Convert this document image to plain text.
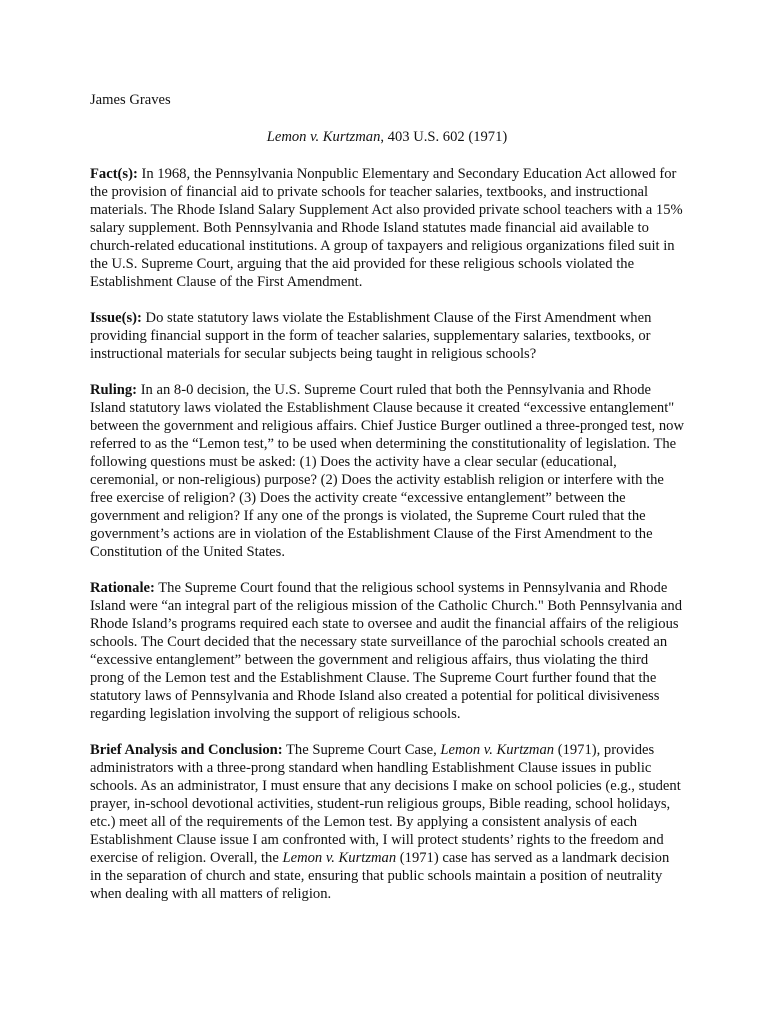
James Graves

Lemon v. Kurtzman, 403 U.S. 602 (1971)

Fact(s): In 1968, the Pennsylvania Nonpublic Elementary and Secondary Education Act allowed for the provision of financial aid to private schools for teacher salaries, textbooks, and instructional materials. The Rhode Island Salary Supplement Act also provided private school teachers with a 15% salary supplement. Both Pennsylvania and Rhode Island statutes made financial aid available to church-related educational institutions. A group of taxpayers and religious organizations filed suit in the U.S. Supreme Court, arguing that the aid provided for these religious schools violated the Establishment Clause of the First Amendment.

Issue(s): Do state statutory laws violate the Establishment Clause of the First Amendment when providing financial support in the form of teacher salaries, supplementary salaries, textbooks, or instructional materials for secular subjects being taught in religious schools?

Ruling: In an 8-0 decision, the U.S. Supreme Court ruled that both the Pennsylvania and Rhode Island statutory laws violated the Establishment Clause because it created “excessive entanglement" between the government and religious affairs. Chief Justice Burger outlined a three-pronged test, now referred to as the “Lemon test,” to be used when determining the constitutionality of legislation. The following questions must be asked: (1) Does the activity have a clear secular (educational, ceremonial, or non-religious) purpose? (2) Does the activity establish religion or interfere with the free exercise of religion? (3) Does the activity create “excessive entanglement” between the government and religion? If any one of the prongs is violated, the Supreme Court ruled that the government’s actions are in violation of the Establishment Clause of the First Amendment to the Constitution of the United States.

Rationale: The Supreme Court found that the religious school systems in Pennsylvania and Rhode Island were “an integral part of the religious mission of the Catholic Church." Both Pennsylvania and Rhode Island’s programs required each state to oversee and audit the financial affairs of the religious schools. The Court decided that the necessary state surveillance of the parochial schools created an “excessive entanglement” between the government and religious affairs, thus violating the third prong of the Lemon test and the Establishment Clause. The Supreme Court further found that the statutory laws of Pennsylvania and Rhode Island also created a potential for political divisiveness regarding legislation involving the support of religious schools.

Brief Analysis and Conclusion: The Supreme Court Case, Lemon v. Kurtzman (1971), provides administrators with a three-prong standard when handling Establishment Clause issues in public schools. As an administrator, I must ensure that any decisions I make on school policies (e.g., student prayer, in-school devotional activities, student-run religious groups, Bible reading, school holidays, etc.) meet all of the requirements of the Lemon test. By applying a consistent analysis of each Establishment Clause issue I am confronted with, I will protect students’ rights to the freedom and exercise of religion. Overall, the Lemon v. Kurtzman (1971) case has served as a landmark decision in the separation of church and state, ensuring that public schools maintain a position of neutrality when dealing with all matters of religion.
